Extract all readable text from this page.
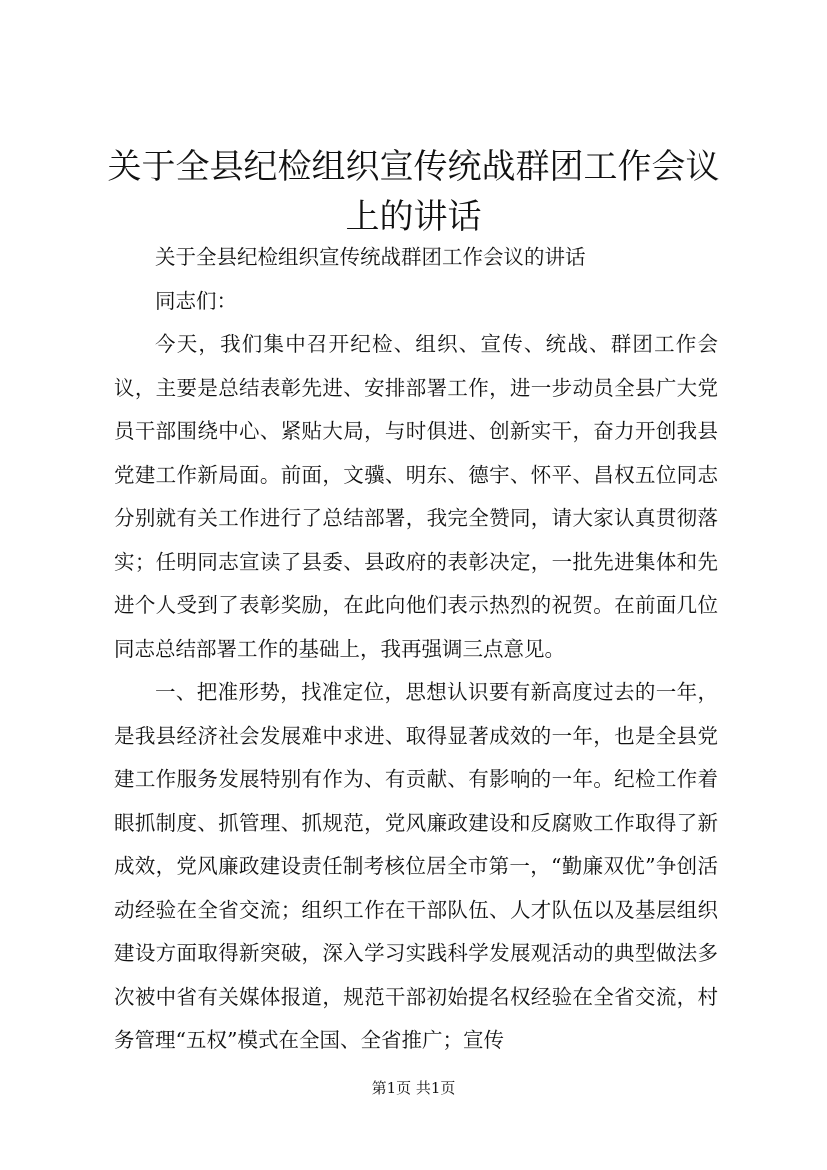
关于全县纪检组织宣传统战群团工作会议上的讲话

关于全县纪检组织宣传统战群团工作会议的讲话

同志们：

今天，我们集中召开纪检、组织、宣传、统战、群团工作会议，主要是总结表彰先进、安排部署工作，进一步动员全县广大党员干部围绕中心、紧贴大局，与时俱进、创新实干，奋力开创我县党建工作新局面。前面，文骥、明东、德宇、怀平、昌权五位同志分别就有关工作进行了总结部署，我完全赞同，请大家认真贯彻落实；任明同志宣读了县委、县政府的表彰决定，一批先进集体和先进个人受到了表彰奖励，在此向他们表示热烈的祝贺。在前面几位同志总结部署工作的基础上，我再强调三点意见。

一、把准形势，找准定位，思想认识要有新高度过去的一年，是我县经济社会发展难中求进、取得显著成效的一年，也是全县党建工作服务发展特别有作为、有贡献、有影响的一年。纪检工作着眼抓制度、抓管理、抓规范，党风廉政建设和反腐败工作取得了新成效，党风廉政建设责任制考核位居全市第一，“勤廉双优”争创活动经验在全省交流；组织工作在干部队伍、人才队伍以及基层组织建设方面取得新突破，深入学习实践科学发展观活动的典型做法多次被中省有关媒体报道，规范干部初始提名权经验在全省交流，村务管理“五权”模式在全国、全省推广；宣传

第1页 共1页
